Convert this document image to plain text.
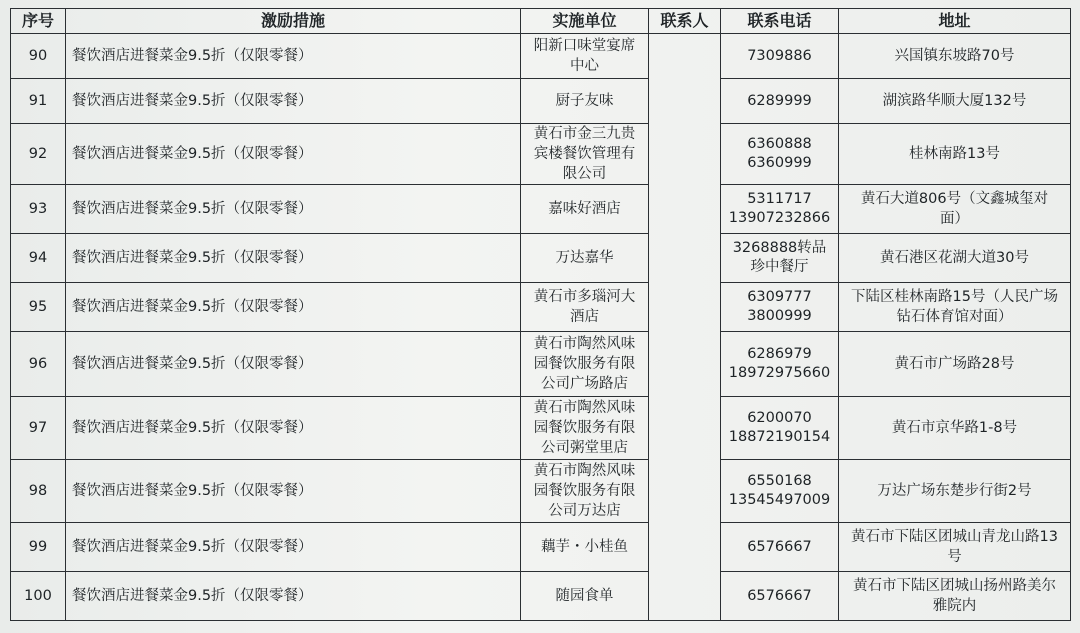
序号	激励措施	实施单位	联系人	联系电话	地址
90	餐饮酒店进餐菜金9.5折（仅限零餐）	阳新口味堂宴席
中心		7309886	兴国镇东坡路70号

91	餐饮酒店进餐菜金9.5折（仅限零餐）	厨子友味		6289999	湖滨路华顺大厦132号

92	餐饮酒店进餐菜金9.5折（仅限零餐）	黄石市金三九贵
宾楼餐饮管理有
限公司		6360888
6360999	桂林南路13号

93	餐饮酒店进餐菜金9.5折（仅限零餐）	嘉味好酒店		5311717
13907232866	黄石大道806号（文鑫城玺对
面）

94	餐饮酒店进餐菜金9.5折（仅限零餐）	万达嘉华		3268888转品
珍中餐厅	黄石港区花湖大道30号

95	餐饮酒店进餐菜金9.5折（仅限零餐）	黄石市多瑙河大
酒店		6309777
3800999	下陆区桂林南路15号（人民广场
钻石体育馆对面）

96	餐饮酒店进餐菜金9.5折（仅限零餐）	黄石市陶然风味
园餐饮服务有限
公司广场路店		6286979
18972975660	黄石市广场路28号

97	餐饮酒店进餐菜金9.5折（仅限零餐）	黄石市陶然风味
园餐饮服务有限
公司粥堂里店		6200070
18872190154	黄石市京华路1-8号

98	餐饮酒店进餐菜金9.5折（仅限零餐）	黄石市陶然风味
园餐饮服务有限
公司万达店		6550168
13545497009	万达广场东楚步行街2号

99	餐饮酒店进餐菜金9.5折（仅限零餐）	藕芋・小桂鱼		6576667	黄石市下陆区团城山青龙山路13
号

100	餐饮酒店进餐菜金9.5折（仅限零餐）	随园食单		6576667	黄石市下陆区团城山扬州路美尔
雅院内
